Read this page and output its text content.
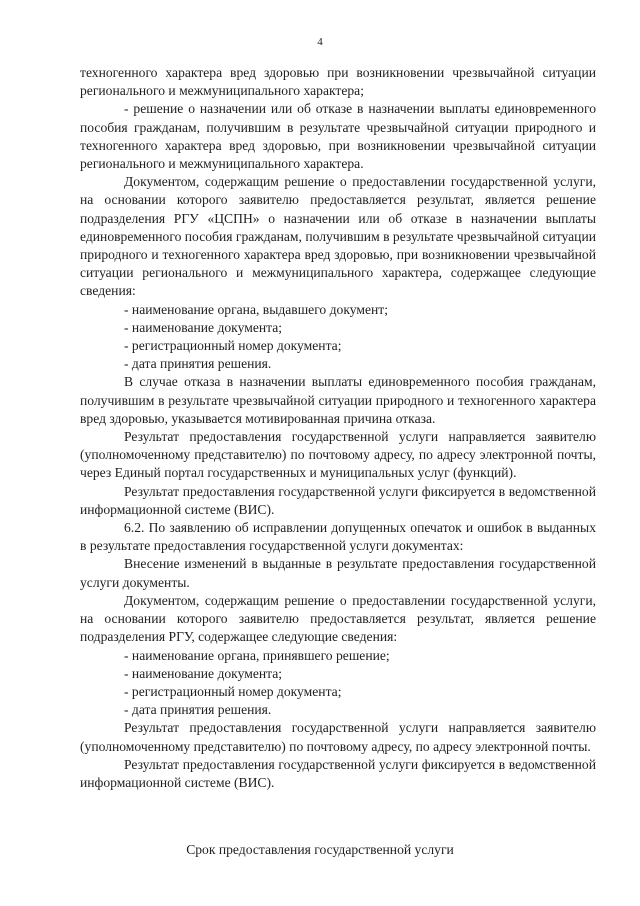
4

техногенного характера вред здоровью при возникновении чрезвычайной ситуации регионального и межмуниципального характера;

- решение о назначении или об отказе в назначении выплаты единовременного пособия гражданам, получившим в результате чрезвычайной ситуации природного и техногенного характера вред здоровью, при возникновении чрезвычайной ситуации регионального и межмуниципального характера.

Документом, содержащим решение о предоставлении государственной услуги, на основании которого заявителю предоставляется результат, является решение подразделения РГУ «ЦСПН» о назначении или об отказе в назначении выплаты единовременного пособия гражданам, получившим в результате чрезвычайной ситуации природного и техногенного характера вред здоровью, при возникновении чрезвычайной ситуации регионального и межмуниципального характера, содержащее следующие сведения:

- наименование органа, выдавшего документ;

- наименование документа;

- регистрационный номер документа;

- дата принятия решения.

В случае отказа в назначении выплаты единовременного пособия гражданам, получившим в результате чрезвычайной ситуации природного и техногенного характера вред здоровью, указывается мотивированная причина отказа.

Результат предоставления государственной услуги направляется заявителю (уполномоченному представителю) по почтовому адресу, по адресу электронной почты, через Единый портал государственных и муниципальных услуг (функций).

Результат предоставления государственной услуги фиксируется в ведомственной информационной системе (ВИС).

6.2. По заявлению об исправлении допущенных опечаток и ошибок в выданных в результате предоставления государственной услуги документах:

Внесение изменений в выданные в результате предоставления государственной услуги документы.

Документом, содержащим решение о предоставлении государственной услуги, на основании которого заявителю предоставляется результат, является решение подразделения РГУ, содержащее следующие сведения:

- наименование органа, принявшего решение;

- наименование документа;

- регистрационный номер документа;

- дата принятия решения.

Результат предоставления государственной услуги направляется заявителю (уполномоченному представителю) по почтовому адресу, по адресу электронной почты.

Результат предоставления государственной услуги фиксируется в ведомственной информационной системе (ВИС).

Срок предоставления государственной услуги
